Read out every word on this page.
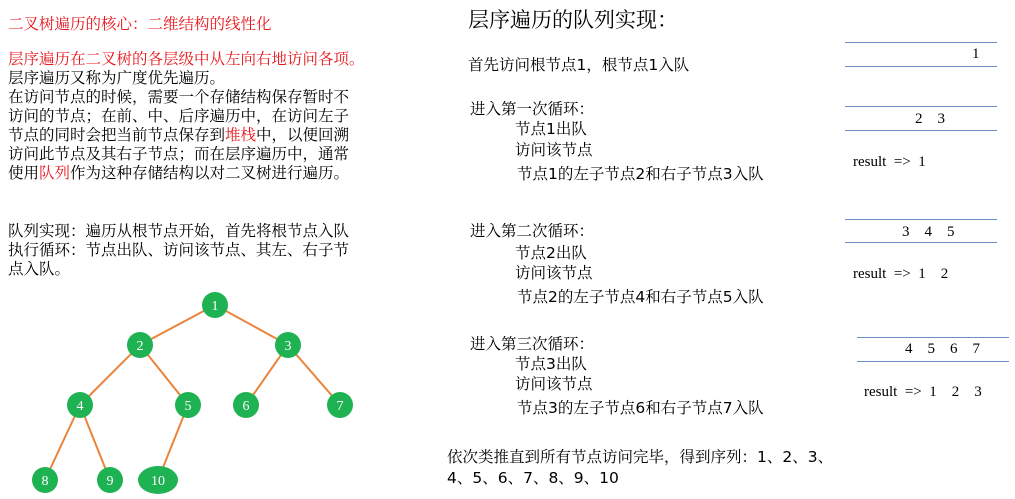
二叉树遍历的核心：二维结构的线性化
层序遍历在二叉树的各层级中从左向右地访问各项。
层序遍历又称为广度优先遍历。
在访问节点的时候，需要一个存储结构保存暂时不
访问的节点；在前、中、后序遍历中，在访问左子
节点的同时会把当前节点保存到堆栈中，以便回溯
访问此节点及其右子节点；而在层序遍历中，通常
使用队列作为这种存储结构以对二叉树进行遍历。
队列实现：遍历从根节点开始，首先将根节点入队
执行循环：节点出队、访问该节点、其左、右子节
点入队。
1
2	3
4	5	6	7
8	9	10
层序遍历的队列实现：
首先访问根节点1，根节点1入队
1
进入第一次循环：
节点1出队
访问该节点
节点1的左子节点2和右子节点3入队
2    3
result  =>  1
进入第二次循环：
节点2出队
访问该节点
节点2的左子节点4和右子节点5入队
3    4    5
result  =>  1    2
进入第三次循环：
节点3出队
访问该节点
节点3的左子节点6和右子节点7入队
4    5    6    7
result  =>  1    2    3
依次类推直到所有节点访问完毕，得到序列：1、2、3、
4、5、6、7、8、9、10
